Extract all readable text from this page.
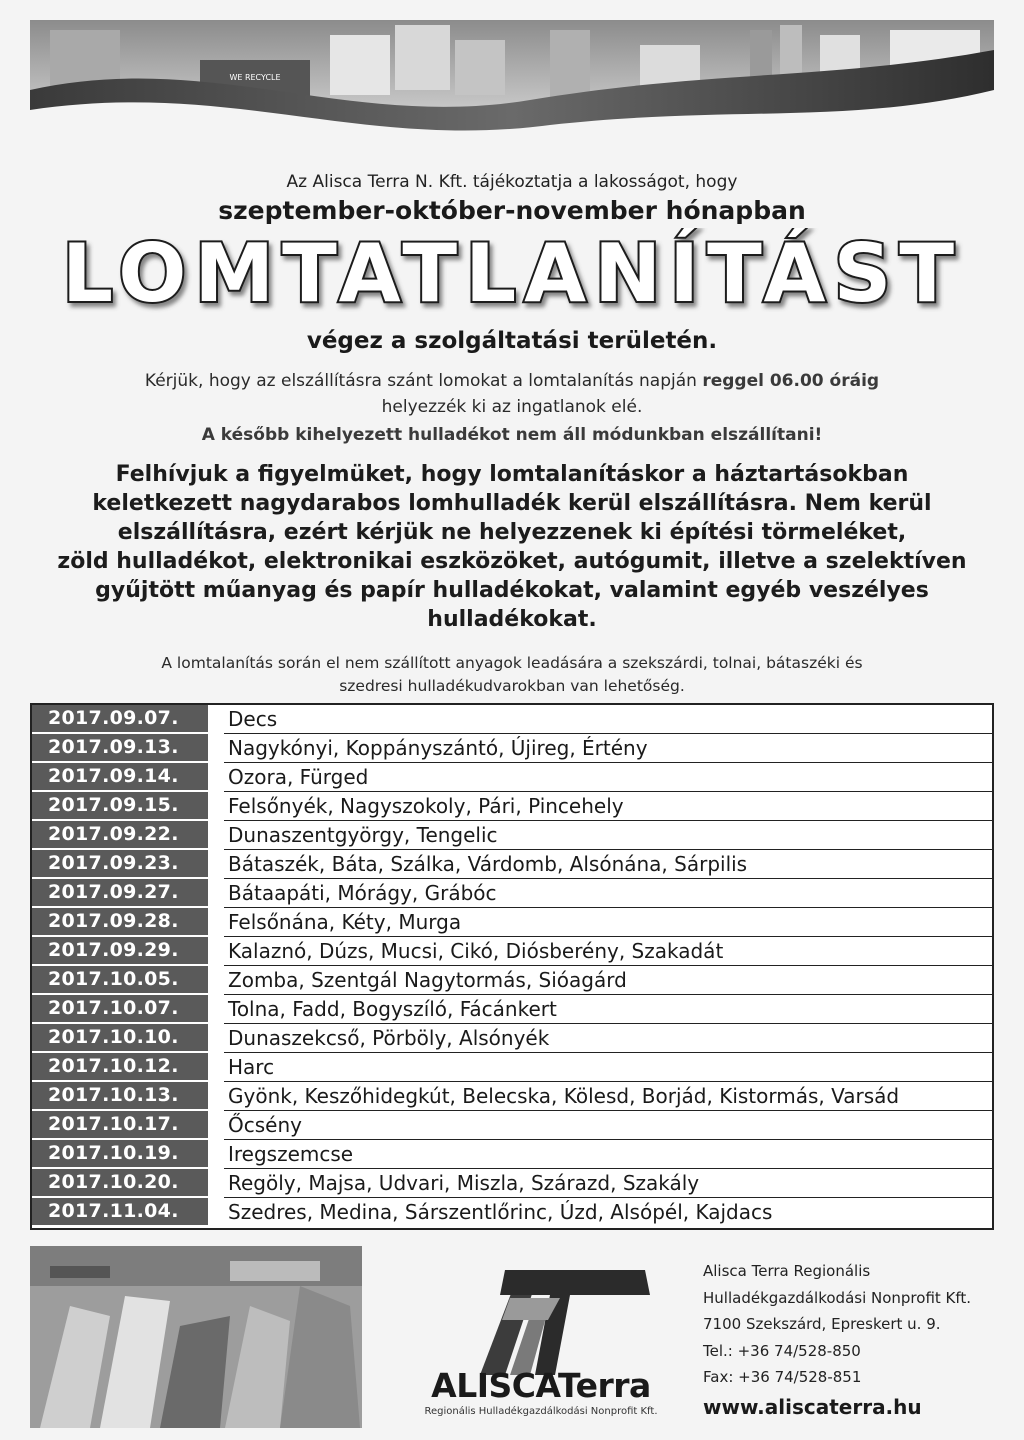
WE RECYCLE
Az Alisca Terra N. Kft. tájékoztatja a lakosságot, hogy
szeptember-október-november hónapban
LOMTATLANÍTÁST
végez a szolgáltatási területén.
Kérjük, hogy az elszállításra szánt lomokat a lomtalanítás napján reggel 06.00 óráig
helyezzék ki az ingatlanok elé.
A később kihelyezett hulladékot nem áll módunkban elszállítani!
Felhívjuk a figyelmüket, hogy lomtalanításkor a háztartásokban
keletkezett nagydarabos lomhulladék kerül elszállításra. Nem kerül
elszállításra, ezért kérjük ne helyezzenek ki építési törmeléket,
zöld hulladékot, elektronikai eszközöket, autógumit, illetve a szelektíven
gyűjtött műanyag és papír hulladékokat, valamint egyéb veszélyes
hulladékokat.
A lomtalanítás során el nem szállított anyagok leadására a szekszárdi, tolnai, bátaszéki és
szedresi hulladékudvarokban van lehetőség.
2017.09.07.	Decs
2017.09.13.	Nagykónyi, Koppányszántó, Újireg, Értény
2017.09.14.	Ozora, Fürged
2017.09.15.	Felsőnyék, Nagyszokoly, Pári, Pincehely
2017.09.22.	Dunaszentgyörgy, Tengelic
2017.09.23.	Bátaszék, Báta, Szálka, Várdomb, Alsónána, Sárpilis
2017.09.27.	Bátaapáti, Mórágy, Grábóc
2017.09.28.	Felsőnána, Kéty, Murga
2017.09.29.	Kalaznó, Dúzs, Mucsi, Cikó, Diósberény, Szakadát
2017.10.05.	Zomba, Szentgál Nagytormás, Sióagárd
2017.10.07.	Tolna, Fadd, Bogyszíló, Fácánkert
2017.10.10.	Dunaszekcső, Pörböly, Alsónyék
2017.10.12.	Harc
2017.10.13.	Gyönk, Keszőhidegkút, Belecska, Kölesd, Borjád, Kistormás, Varsád
2017.10.17.	Őcsény
2017.10.19.	Iregszemcse
2017.10.20.	Regöly, Majsa, Udvari, Miszla, Szárazd, Szakály
2017.11.04.	Szedres, Medina, Sárszentlőrinc, Úzd, Alsópél, Kajdacs
ALISCATerra
Regionális Hulladékgazdálkodási Nonprofit Kft.
Alisca Terra Regionális
Hulladékgazdálkodási Nonprofit Kft.
7100 Szekszárd, Epreskert u. 9.
Tel.: +36 74/528-850
Fax: +36 74/528-851
www.aliscaterra.hu
